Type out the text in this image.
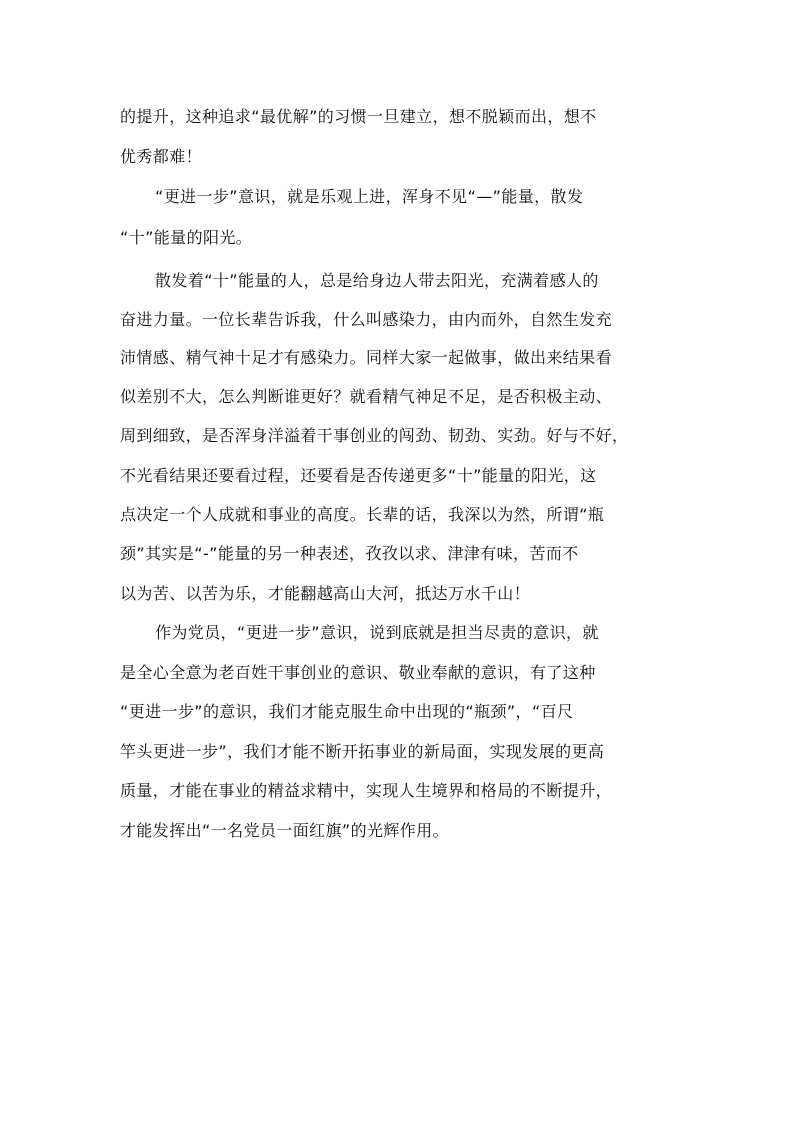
的提升，这种追求“最优解”的习惯一旦建立，想不脱颖而出，想不

优秀都难！

“更进一步”意识，就是乐观上进，浑身不见“—”能量，散发

“十”能量的阳光。

散发着“十”能量的人，总是给身边人带去阳光，充满着感人的

奋进力量。一位长辈告诉我，什么叫感染力，由内而外，自然生发充

沛情感、精气神十足才有感染力。同样大家一起做事，做出来结果看

似差别不大，怎么判断谁更好？就看精气神足不足，是否积极主动、

周到细致，是否浑身洋溢着干事创业的闯劲、韧劲、实劲。好与不好，

不光看结果还要看过程，还要看是否传递更多“十”能量的阳光，这

点决定一个人成就和事业的高度。长辈的话，我深以为然，所谓“瓶

颈”其实是“-”能量的另一种表述，孜孜以求、津津有味，苦而不

以为苦、以苦为乐，才能翻越高山大河，抵达万水千山！

作为党员，“更进一步”意识，说到底就是担当尽责的意识，就

是全心全意为老百姓干事创业的意识、敬业奉献的意识，有了这种

“更进一步”的意识，我们才能克服生命中出现的“瓶颈”，“百尺

竿头更进一步”，我们才能不断开拓事业的新局面，实现发展的更高

质量，才能在事业的精益求精中，实现人生境界和格局的不断提升，

才能发挥出“一名党员一面红旗”的光辉作用。
